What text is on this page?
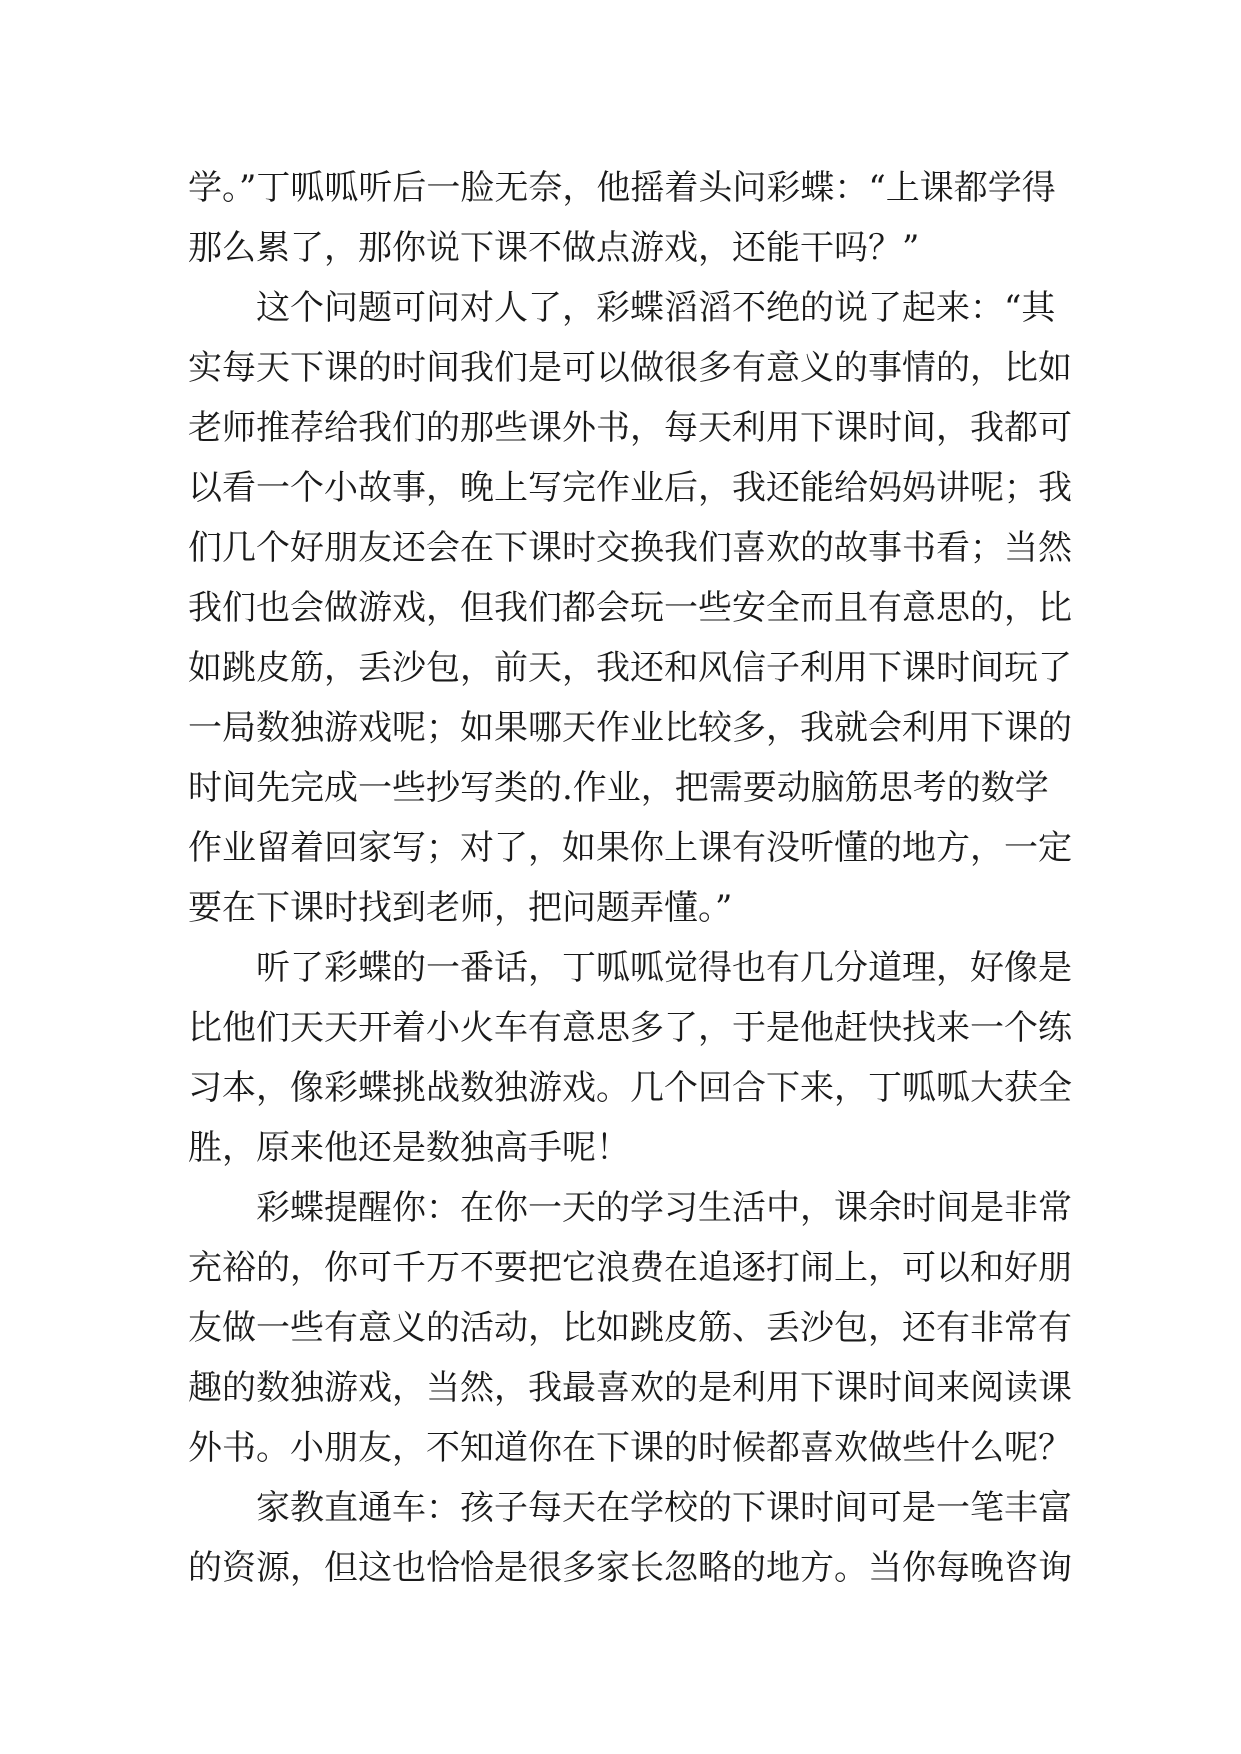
学。”丁呱呱听后一脸无奈，他摇着头问彩蝶：“上课都学得
那么累了，那你说下课不做点游戏，还能干吗？”
这个问题可问对人了，彩蝶滔滔不绝的说了起来：“其
实每天下课的时间我们是可以做很多有意义的事情的，比如
老师推荐给我们的那些课外书，每天利用下课时间，我都可
以看一个小故事，晚上写完作业后，我还能给妈妈讲呢；我
们几个好朋友还会在下课时交换我们喜欢的故事书看；当然
我们也会做游戏，但我们都会玩一些安全而且有意思的，比
如跳皮筋，丢沙包，前天，我还和风信子利用下课时间玩了
一局数独游戏呢；如果哪天作业比较多，我就会利用下课的
时间先完成一些抄写类的.作业，把需要动脑筋思考的数学
作业留着回家写；对了，如果你上课有没听懂的地方，一定
要在下课时找到老师，把问题弄懂。”
听了彩蝶的一番话，丁呱呱觉得也有几分道理，好像是
比他们天天开着小火车有意思多了，于是他赶快找来一个练
习本，像彩蝶挑战数独游戏。几个回合下来，丁呱呱大获全
胜，原来他还是数独高手呢！
彩蝶提醒你：在你一天的学习生活中，课余时间是非常
充裕的，你可千万不要把它浪费在追逐打闹上，可以和好朋
友做一些有意义的活动，比如跳皮筋、丢沙包，还有非常有
趣的数独游戏，当然，我最喜欢的是利用下课时间来阅读课
外书。小朋友，不知道你在下课的时候都喜欢做些什么呢？
家教直通车：孩子每天在学校的下课时间可是一笔丰富
的资源，但这也恰恰是很多家长忽略的地方。当你每晚咨询
